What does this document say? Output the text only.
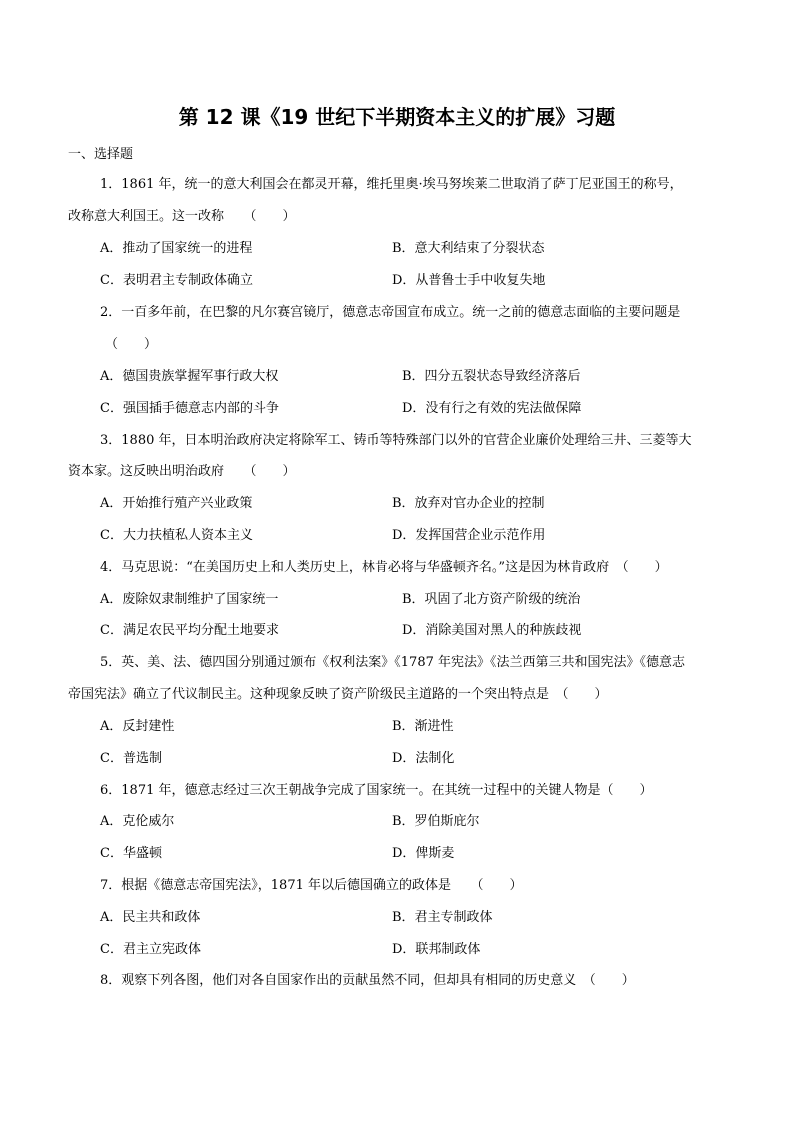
第 12 课《19 世纪下半期资本主义的扩展》习题
一、选择题
1．1861 年，统一的意大利国会在都灵开幕，维托里奥·埃马努埃莱二世取消了萨丁尼亚国王的称号，
改称意大利国王。这一改称　　（　　）
A．推动了国家统一的进程	B．意大利结束了分裂状态
C．表明君主专制政体确立	D．从普鲁士手中收复失地
2．一百多年前，在巴黎的凡尔赛宫镜厅，德意志帝国宣布成立。统一之前的德意志面临的主要问题是
（　　）
A．德国贵族掌握军事行政大权	B．四分五裂状态导致经济落后
C．强国插手德意志内部的斗争	D．没有行之有效的宪法做保障
3．1880 年，日本明治政府决定将除军工、铸币等特殊部门以外的官营企业廉价处理给三井、三菱等大
资本家。这反映出明治政府　　（　　）
A．开始推行殖产兴业政策	B．放弃对官办企业的控制
C．大力扶植私人资本主义	D．发挥国营企业示范作用
4．马克思说：“在美国历史上和人类历史上，林肯必将与华盛顿齐名。”这是因为林肯政府　（　　）
A．废除奴隶制维护了国家统一	B．巩固了北方资产阶级的统治
C．满足农民平均分配土地要求	D．消除美国对黑人的种族歧视
5．英、美、法、德四国分别通过颁布《权利法案》《1787 年宪法》《法兰西第三共和国宪法》《德意志
帝国宪法》确立了代议制民主。这种现象反映了资产阶级民主道路的一个突出特点是　（　　）
A．反封建性	B．渐进性
C．普选制	D．法制化
6．1871 年，德意志经过三次王朝战争完成了国家统一。在其统一过程中的关键人物是（　　）
A．克伦威尔	B．罗伯斯庇尔
C．华盛顿	D．俾斯麦
7．根据《德意志帝国宪法》，1871 年以后德国确立的政体是　　（　　）
A．民主共和政体	B．君主专制政体
C．君主立宪政体	D．联邦制政体
8．观察下列各图，他们对各自国家作出的贡献虽然不同，但却具有相同的历史意义　（　　）
